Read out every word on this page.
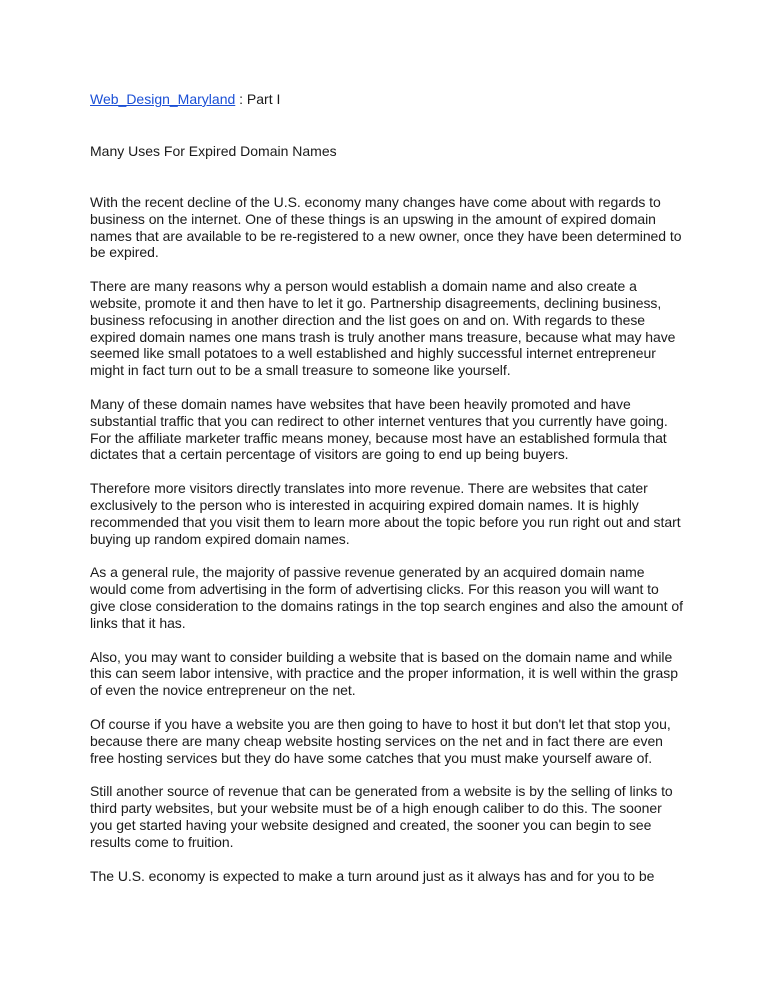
Web_Design_Maryland : Part I

Many Uses For Expired Domain Names

With the recent decline of the U.S. economy many changes have come about with regards to business on the internet. One of these things is an upswing in the amount of expired domain names that are available to be re-registered to a new owner, once they have been determined to be expired.

There are many reasons why a person would establish a domain name and also create a website, promote it and then have to let it go. Partnership disagreements, declining business, business refocusing in another direction and the list goes on and on. With regards to these expired domain names one mans trash is truly another mans treasure, because what may have seemed like small potatoes to a well established and highly successful internet entrepreneur might in fact turn out to be a small treasure to someone like yourself.

Many of these domain names have websites that have been heavily promoted and have substantial traffic that you can redirect to other internet ventures that you currently have going. For the affiliate marketer traffic means money, because most have an established formula that dictates that a certain percentage of visitors are going to end up being buyers.

Therefore more visitors directly translates into more revenue. There are websites that cater exclusively to the person who is interested in acquiring expired domain names. It is highly recommended that you visit them to learn more about the topic before you run right out and start buying up random expired domain names.

As a general rule, the majority of passive revenue generated by an acquired domain name would come from advertising in the form of advertising clicks. For this reason you will want to give close consideration to the domains ratings in the top search engines and also the amount of links that it has.

Also, you may want to consider building a website that is based on the domain name and while this can seem labor intensive, with practice and the proper information, it is well within the grasp of even the novice entrepreneur on the net.

Of course if you have a website you are then going to have to host it but don't let that stop you, because there are many cheap website hosting services on the net and in fact there are even free hosting services but they do have some catches that you must make yourself aware of.

Still another source of revenue that can be generated from a website is by the selling of links to third party websites, but your website must be of a high enough caliber to do this. The sooner you get started having your website designed and created, the sooner you can begin to see results come to fruition.

The U.S. economy is expected to make a turn around just as it always has and for you to be
